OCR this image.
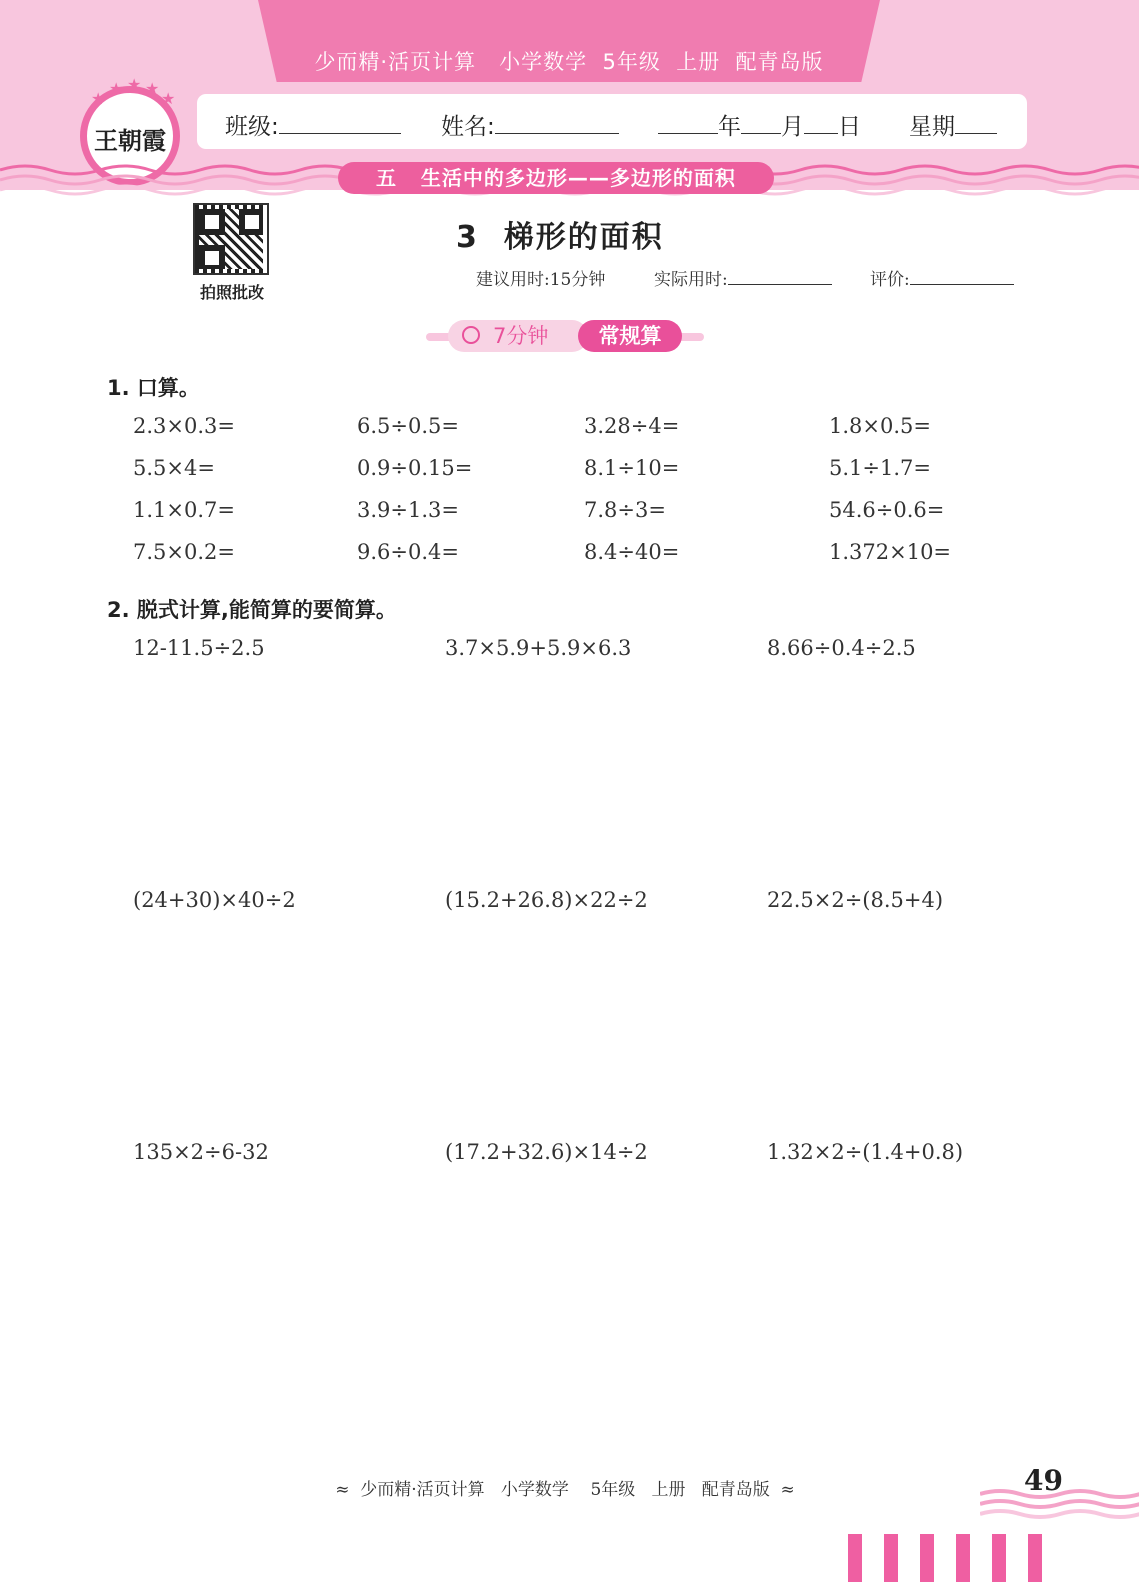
少而精·活页计算   小学数学  5年级  上册  配青岛版
★
★ ★ ★
★
王朝霞	班级:	姓名:	年 月 日 星期
五   生活中的多边形——多边形的面积
拍照批改
3  梯形的面积
建议用时:15分钟	实际用时:	评价:
7分钟	常规算
1. 口算。
2.3×0.3=	6.5÷0.5=	3.28÷4=	1.8×0.5=
5.5×4=	0.9÷0.15=	8.1÷10=	5.1÷1.7=
1.1×0.7=	3.9÷1.3=	7.8÷3=	54.6÷0.6=
7.5×0.2=	9.6÷0.4=	8.4÷40=	1.372×10=
2. 脱式计算,能简算的要简算。
12-11.5÷2.5	3.7×5.9+5.9×6.3	8.66÷0.4÷2.5
(24+30)×40÷2	(15.2+26.8)×22÷2	22.5×2÷(8.5+4)
135×2÷6-32	(17.2+32.6)×14÷2	1.32×2÷(1.4+0.8)
≈  少而精·活页计算   小学数学    5年级   上册   配青岛版  ≈	49
